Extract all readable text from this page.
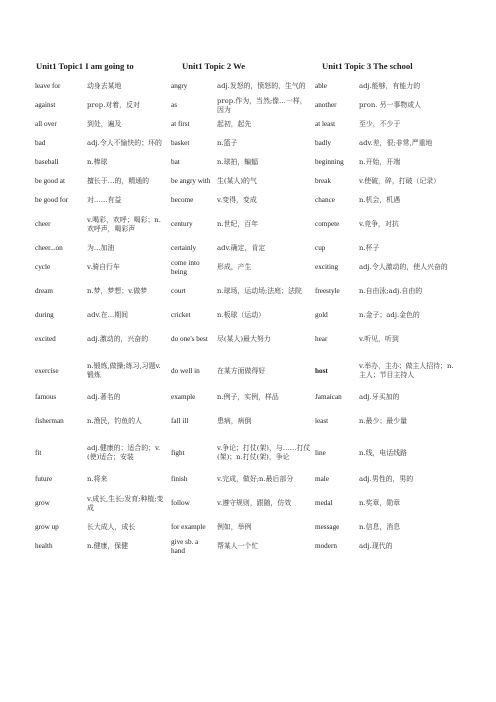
Unit1 Topic1 I am going to	Unit1 Topic 2 We	Unit1 Topic 3 The school
leave for	动身去某地	angry	adj.发怒的，愤怒的，生气的	able	adj.能够，有能力的
against	prep.对着，反对	as	prep.作为，当然;像…一样，因为	another	pron. 另一事物或人
all over	到处，遍及	at first	起初，起先	at least	至少，不少于
bad	adj.令人不愉快的；坏的	basket	n.篮子	badly	adv.差，很;非常,严重地
baseball	n.棒球	bat	n.球拍，蝙蝠	beginning	n.开始，开端
be good at	擅长于…的，精通的	be angry with	生(某人)的气	break	v.使破，碎，打破（记录）
be good for	对……有益	become	v.变得，变成	chance	n.机会，机遇
cheer	v.喝彩，欢呼；喝彩；n.欢呼声，喝彩声	century	n.世纪，百年	compete	v.竞争，对抗
cheer...on	为...加油	certainly	adv.确定，肯定	cup	n.杯子
cycle	v.骑自行车	come into being	形成，产生	exciting	adj.令人激动的，使人兴奋的
dream	n.梦，梦想；v.做梦	court	n.球场，运动场;法庭；法院	freestyle	n.自由泳;adj.自由的
during	adv.在...期间	cricket	n.板球（运动）	gold	n.金子；adj.金色的
excited	adj.激动的，兴奋的	do one's best	尽(某人)最大努力	hear	v.听见，听到
exercise	n.锻炼,做操;练习,习题v.锻炼	do well in	在某方面做得好	host	v.举办，主办；做主人招待；n.主人；节目主持人
famous	adj.著名的	example	n.例子，实例，样品	Jamaican	adj.牙买加的
fisherman	n.渔民，钓鱼的人	fall ill	患病，病倒	least	n.最少；最少量
fit	adj.健康的；适合的；v.(使)适合；安装	fight	v.争论；打仗(架)，与……打仗(架)；n.打仗(架)，争论	line	n.线，电话线路
future	n.将来	finish	v.完成，做好;n.最后部分	male	adj.男性的，男的
grow	v.成长,生长;发育;种植;变成	follow	v.遵守规则，跟随，仿效	medal	n.奖章，勋章
grow up	长大成人，成长	for example	例如，举例	message	n.信息，消息
health	n.健康，保健	give sb. a hand	帮某人一个忙	modern	adj.现代的
